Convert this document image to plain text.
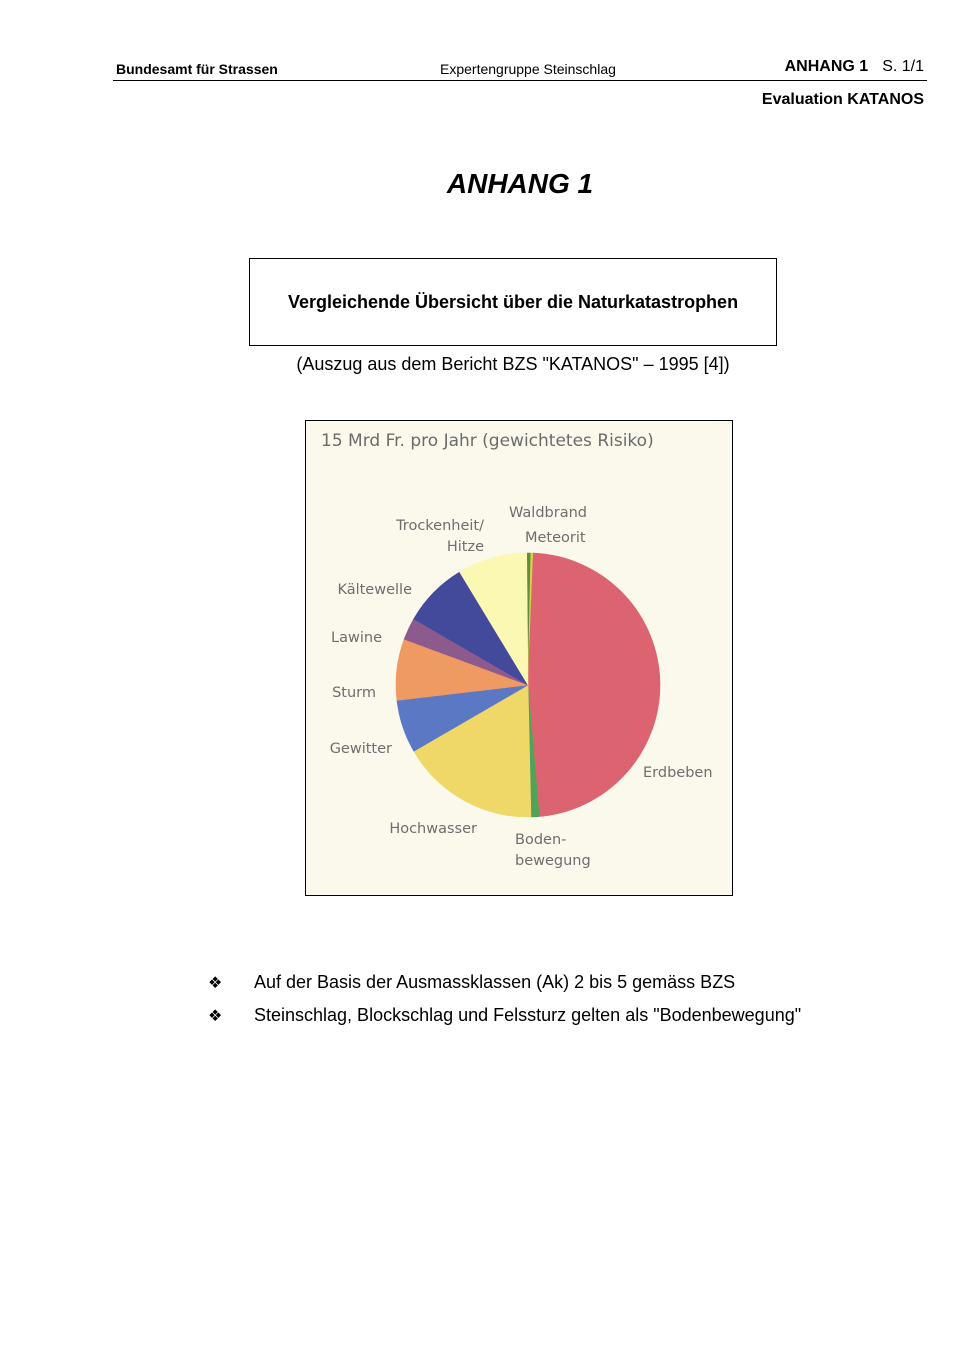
Bundesamt für Strassen	Expertengruppe Steinschlag	ANHANG 1 S. 1/1
Evaluation KATANOS
ANHANG 1
Vergleichende Übersicht über die Naturkatastrophen
(Auszug aus dem Bericht BZS "KATANOS" – 1995 [4])
15 Mrd Fr. pro Jahr (gewichtetes Risiko)
Waldbrand
Meteorit
Trockenheit/ Hitze
Kältewelle
Lawine
Sturm
Gewitter
Hochwasser
Boden-bewegung
Erdbeben
❖	Auf der Basis der Ausmassklassen (Ak) 2 bis 5 gemäss BZS
❖	Steinschlag, Blockschlag und Felssturz gelten als "Bodenbewegung"
